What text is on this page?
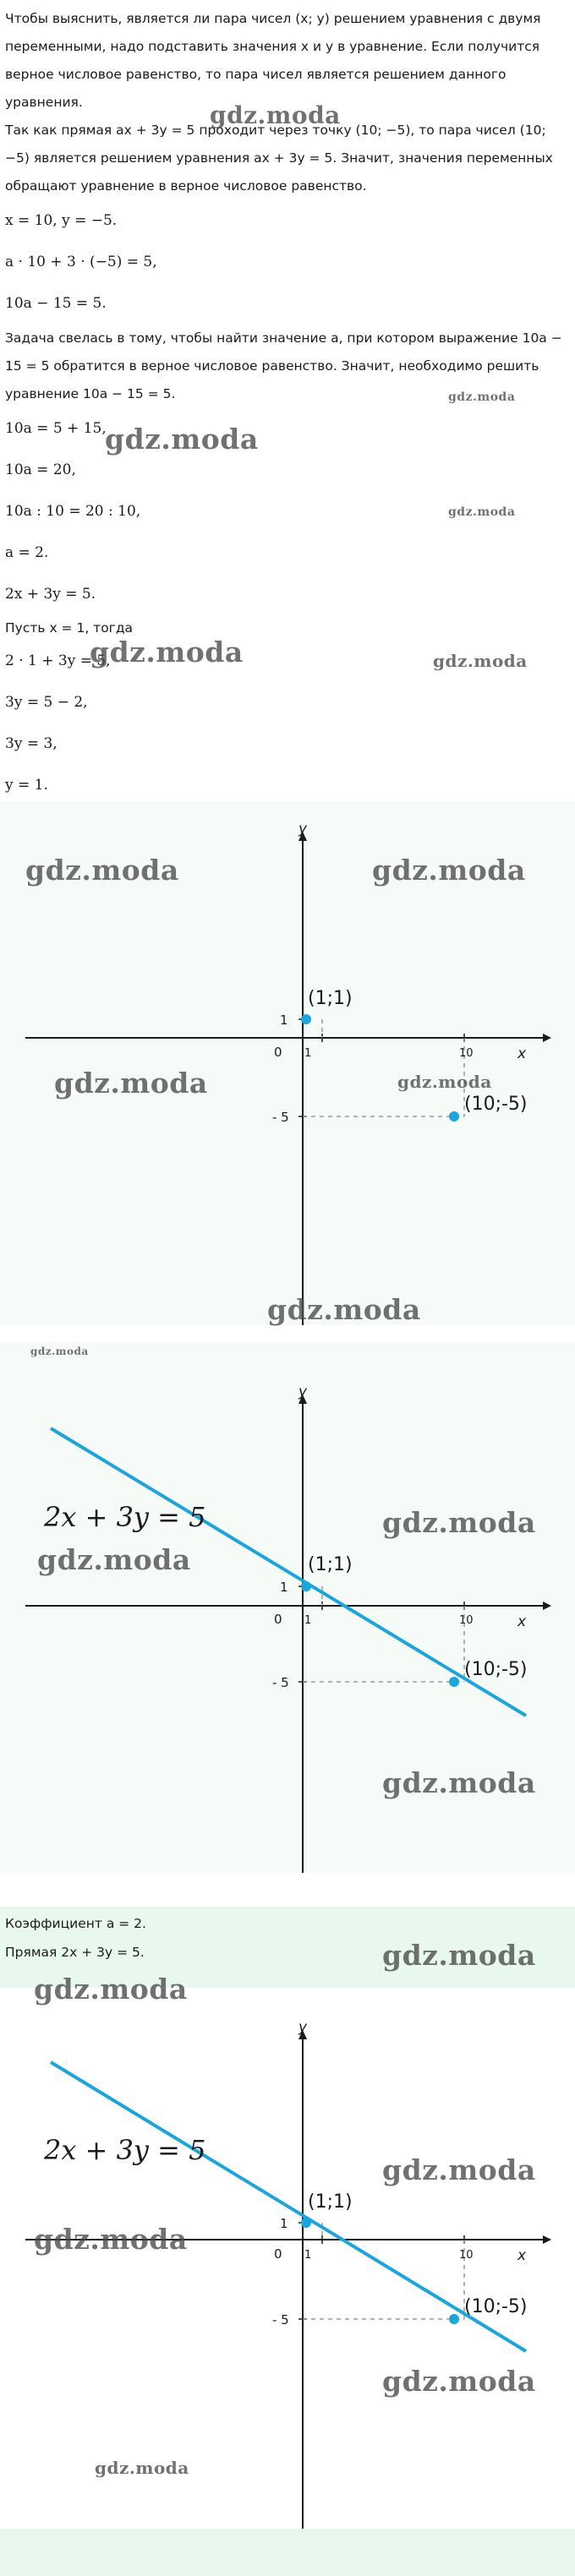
Чтобы выяснить, является ли пара чисел (x; y) решением уравнения с двумя переменными, надо подставить значения x и y в уравнение. Если получится верное числовое равенство, то пара чисел является решением данного уравнения.

Так как прямая ax + 3y = 5 проходит через точку (10; −5), то пара чисел (10; −5) является решением уравнения ax + 3y = 5. Значит, значения переменных обращают уравнение в верное числовое равенство.

x = 10, y = −5.

a · 10 + 3 · (−5) = 5,

10a − 15 = 5.

Задача свелась в тому, чтобы найти значение a, при котором выражение 10a − 15 = 5 обратится в верное числовое равенство. Значит, необходимо решить уравнение 10a − 15 = 5.

10a = 5 + 15,

10a = 20,

10a : 10 = 20 : 10,

a = 2.

2x + 3y = 5.

Пусть x = 1, тогда

2 · 1 + 3y = 5,

3y = 5 − 2,

3y = 3,

y = 1.

y
x
0 1	10
1
- 5
(1;1)
(10;-5)
y
x
0 1	10
1
- 5
(1;1)
(10;-5)
2x + 3y = 5

Коэффициент a = 2.

Прямая 2x + 3y = 5.

y
x
0 1	10
1
- 5
(1;1)
(10;-5)
2x + 3y = 5
gdz.moda
gdz.moda
gdz.moda
gdz.moda
gdz.moda	gdz.moda
gdz.moda	gdz.moda
gdz.moda	gdz.moda
gdz.moda
gdz.moda
gdz.moda
gdz.moda
gdz.moda
gdz.moda
gdz.moda
gdz.moda
gdz.moda
gdz.moda
gdz.moda
